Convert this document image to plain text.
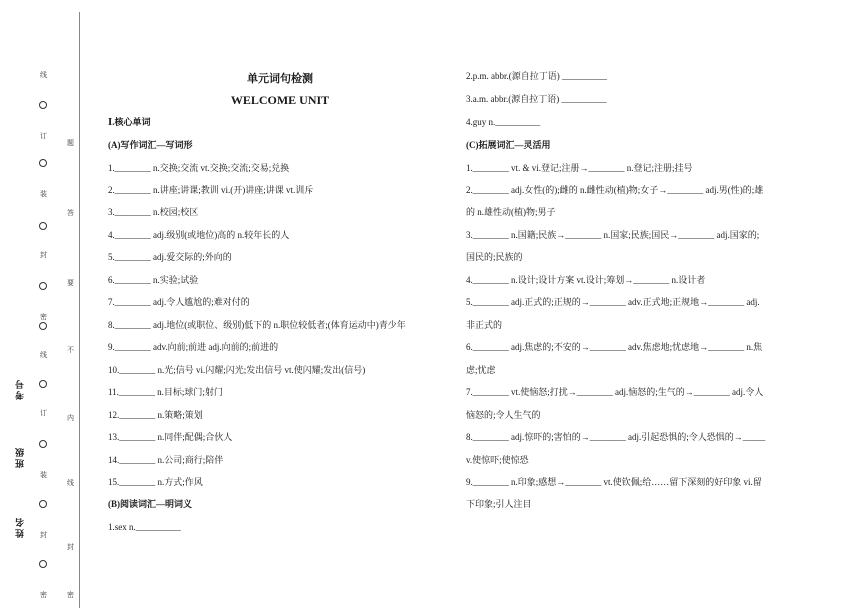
考号
班级
姓名
线
订
装
封
密
线
订
装
封
密
题
答
要
不
内
线
封
密
单元词句检测
WELCOME UNIT
Ⅰ.核心单词
(A)写作词汇—写词形
1.________ n.交换;交流 vt.交换;交流;交易;兑换
2.________ n.讲座;讲课;教训 vi.(开)讲座;讲课 vt.训斥
3.________ n.校园;校区
4.________ adj.级别(或地位)高的 n.较年长的人
5.________ adj.爱交际的;外向的
6.________ n.实验;试验
7.________ adj.令人尴尬的;难对付的
8.________ adj.地位(或职位、级别)低下的 n.职位较低者;(体育运动中)青少年
9.________ adv.向前;前进 adj.向前的;前进的
10.________ n.光;信号 vi.闪耀;闪光;发出信号 vt.使闪耀;发出(信号)
11.________ n.目标;球门;射门
12.________ n.策略;策划
13.________ n.同伴;配偶;合伙人
14.________ n.公司;商行;陪伴
15.________ n.方式;作风
(B)阅读词汇—明词义
1.sex n.__________
2.p.m. abbr.(源自拉丁语) __________
3.a.m. abbr.(源自拉丁语) __________
4.guy n.__________
(C)拓展词汇—灵活用
1.________ vt. & vi.登记;注册→________ n.登记;注册;挂号
2.________ adj.女性(的);雌的 n.雌性动(植)物;女子→________ adj.男(性)的;雄
的 n.雄性动(植)物;男子
3.________ n.国籍;民族→________ n.国家;民族;国民→________ adj.国家的;
国民的;民族的
4.________ n.设计;设计方案 vt.设计;筹划→________ n.设计者
5.________ adj.正式的;正规的→________ adv.正式地;正规地→________ adj.
非正式的
6.________ adj.焦虑的;不安的→________ adv.焦虑地;忧虑地→________ n.焦
虑;忧虑
7.________ vt.使恼怒;打扰→________ adj.恼怒的;生气的→________ adj.令人
恼怒的;令人生气的
8.________ adj.惊吓的;害怕的→________ adj.引起恐惧的;令人恐惧的→_____
v.使惊吓;使惊恐
9.________ n.印象;感想→________ vt.使钦佩;给……留下深刻的好印象 vi.留
下印象;引人注目
